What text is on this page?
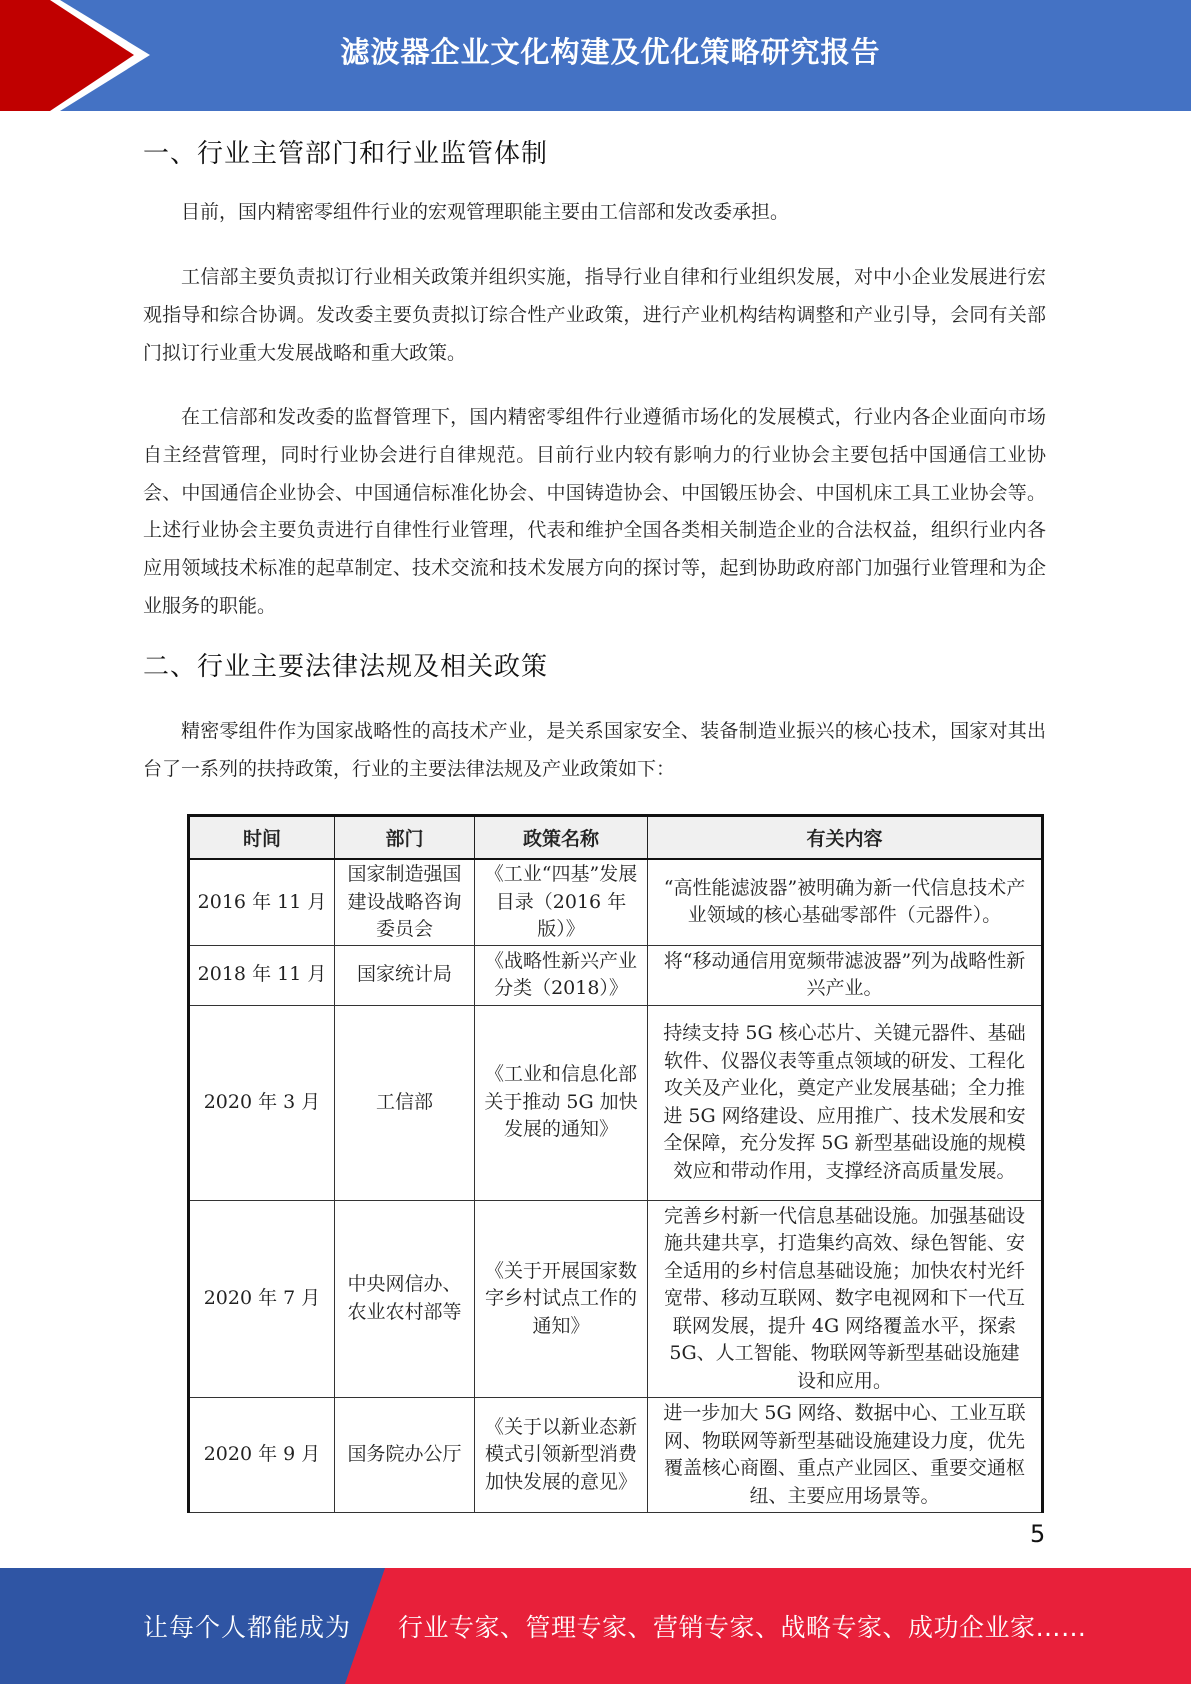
滤波器企业文化构建及优化策略研究报告
一、行业主管部门和行业监管体制

目前，国内精密零组件行业的宏观管理职能主要由工信部和发改委承担。

工信部主要负责拟订行业相关政策并组织实施，指导行业自律和行业组织发展，对中小企业发展进行宏观指导和综合协调。发改委主要负责拟订综合性产业政策，进行产业机构结构调整和产业引导，会同有关部门拟订行业重大发展战略和重大政策。

在工信部和发改委的监督管理下，国内精密零组件行业遵循市场化的发展模式，行业内各企业面向市场自主经营管理，同时行业协会进行自律规范。目前行业内较有影响力的行业协会主要包括中国通信工业协会、中国通信企业协会、中国通信标准化协会、中国铸造协会、中国锻压协会、中国机床工具工业协会等。上述行业协会主要负责进行自律性行业管理，代表和维护全国各类相关制造企业的合法权益，组织行业内各应用领域技术标准的起草制定、技术交流和技术发展方向的探讨等，起到协助政府部门加强行业管理和为企业服务的职能。

二、行业主要法律法规及相关政策

精密零组件作为国家战略性的高技术产业，是关系国家安全、装备制造业振兴的核心技术，国家对其出台了一系列的扶持政策，行业的主要法律法规及产业政策如下：

时间	部门	政策名称	有关内容
2016 年 11 月	国家制造强国建设战略咨询委员会	《工业“四基”发展目录（2016 年版）》	“高性能滤波器”被明确为新一代信息技术产业领域的核心基础零部件（元器件）。
2018 年 11 月	国家统计局	《战略性新兴产业分类（2018）》	将“移动通信用宽频带滤波器”列为战略性新兴产业。
2020 年 3 月	工信部	《工业和信息化部关于推动 5G 加快发展的通知》	持续支持 5G 核心芯片、关键元器件、基础软件、仪器仪表等重点领域的研发、工程化攻关及产业化，奠定产业发展基础；全力推进 5G 网络建设、应用推广、技术发展和安全保障，充分发挥 5G 新型基础设施的规模效应和带动作用，支撑经济高质量发展。
2020 年 7 月	中央网信办、农业农村部等	《关于开展国家数字乡村试点工作的通知》	完善乡村新一代信息基础设施。加强基础设施共建共享，打造集约高效、绿色智能、安全适用的乡村信息基础设施；加快农村光纤宽带、移动互联网、数字电视网和下一代互联网发展，提升 4G 网络覆盖水平，探索 5G、人工智能、物联网等新型基础设施建设和应用。
2020 年 9 月	国务院办公厅	《关于以新业态新模式引领新型消费加快发展的意见》	进一步加大 5G 网络、数据中心、工业互联网、物联网等新型基础设施建设力度，优先覆盖核心商圈、重点产业园区、重要交通枢纽、主要应用场景等。
5
让每个人都能成为 行业专家、管理专家、营销专家、战略专家、成功企业家……
